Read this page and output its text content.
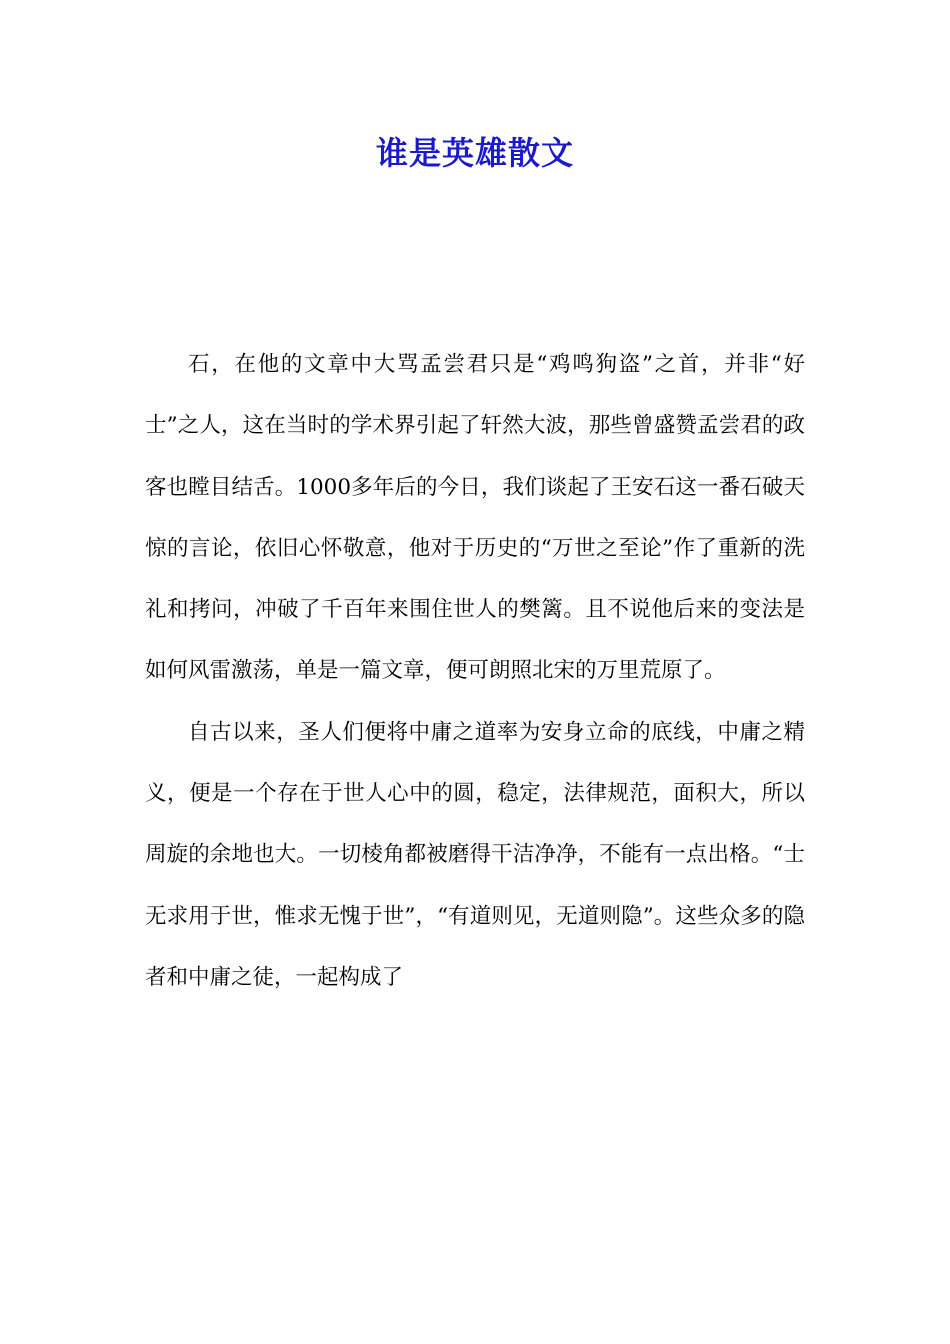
谁是英雄散文

石，在他的文章中大骂孟尝君只是“鸡鸣狗盗”之首，并非“好士”之人，这在当时的学术界引起了轩然大波，那些曾盛赞孟尝君的政客也瞠目结舌。1000多年后的今日，我们谈起了王安石这一番石破天惊的言论，依旧心怀敬意，他对于历史的“万世之至论”作了重新的洗礼和拷问，冲破了千百年来围住世人的樊篱。且不说他后来的变法是如何风雷激荡，单是一篇文章，便可朗照北宋的万里荒原了。

自古以来，圣人们便将中庸之道率为安身立命的底线，中庸之精义，便是一个存在于世人心中的圆，稳定，法律规范，面积大，所以周旋的余地也大。一切棱角都被磨得干洁净净，不能有一点出格。“士无求用于世，惟求无愧于世”，“有道则见，无道则隐”。这些众多的隐者和中庸之徒，一起构成了
